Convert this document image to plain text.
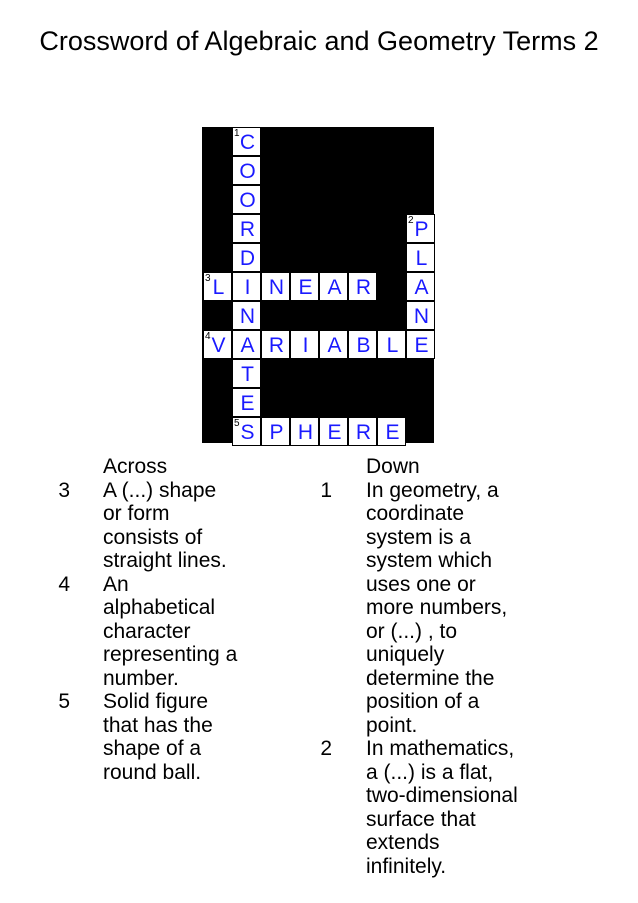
Crossword of Algebraic and Geometry Terms 2
1 C
O
O
R	2 P
D	L
3 L I N E A R	A
N	N
4 V A R I A B L E
T
E
5 S P H E R E
Across
3 A (...) shape
or form
consists of
straight lines.
4 An
alphabetical
character
representing a
number.
5 Solid figure
that has the
shape of a
round ball.
Down
1 In geometry, a
coordinate
system is a
system which
uses one or
more numbers,
or (...) , to
uniquely
determine the
position of a
point.
2 In mathematics,
a (...) is a flat,
two-dimensional
surface that
extends
infinitely.
